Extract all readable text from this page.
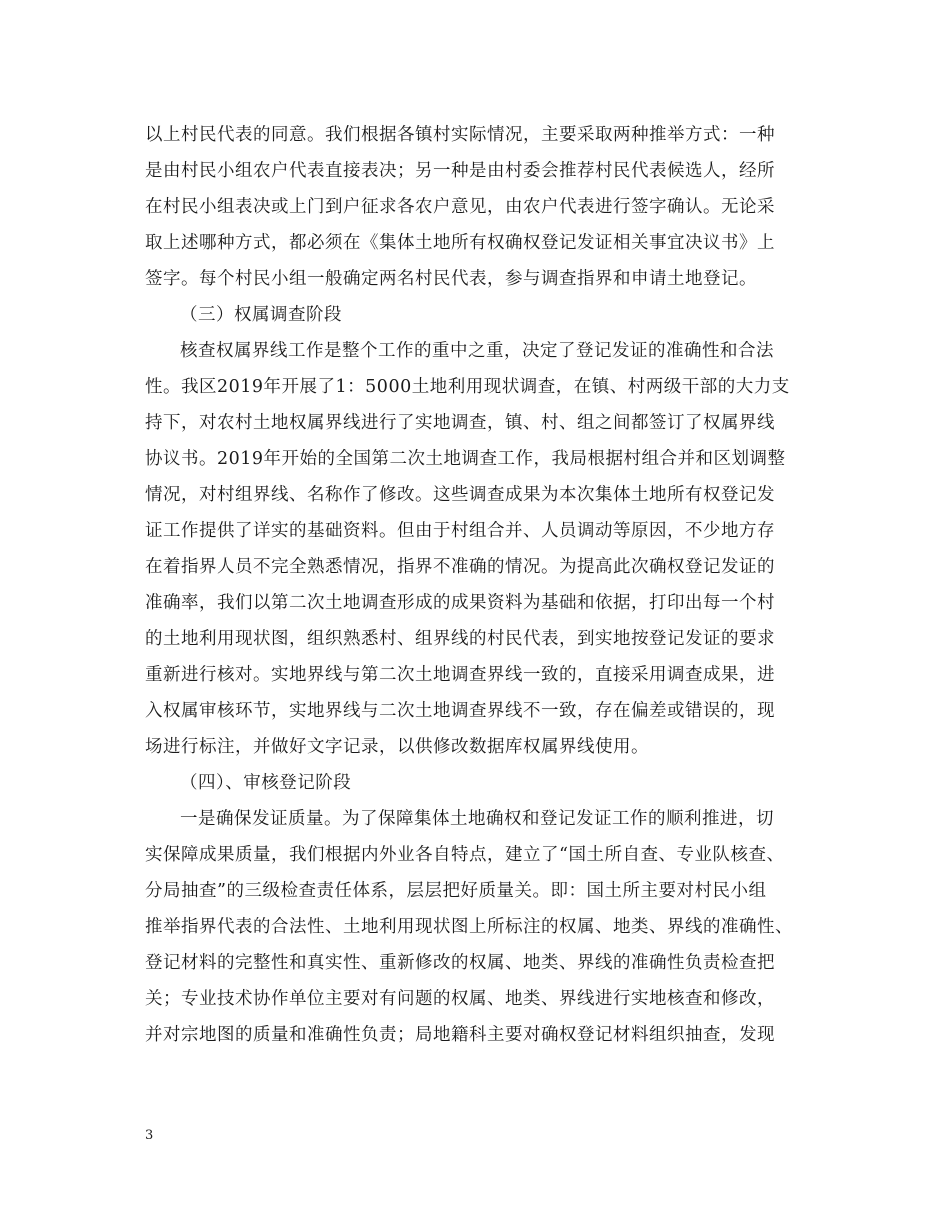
以上村民代表的同意。我们根据各镇村实际情况，主要采取两种推举方式：一种
是由村民小组农户代表直接表决；另一种是由村委会推荐村民代表候选人，经所
在村民小组表决或上门到户征求各农户意见，由农户代表进行签字确认。无论采
取上述哪种方式，都必须在《集体土地所有权确权登记发证相关事宜决议书》上
签字。每个村民小组一般确定两名村民代表，参与调查指界和申请土地登记。
（三）权属调查阶段
核查权属界线工作是整个工作的重中之重，决定了登记发证的准确性和合法
性。我区2019年开展了1：5000土地利用现状调查，在镇、村两级干部的大力支
持下，对农村土地权属界线进行了实地调查，镇、村、组之间都签订了权属界线
协议书。2019年开始的全国第二次土地调查工作，我局根据村组合并和区划调整
情况，对村组界线、名称作了修改。这些调查成果为本次集体土地所有权登记发
证工作提供了详实的基础资料。但由于村组合并、人员调动等原因，不少地方存
在着指界人员不完全熟悉情况，指界不准确的情况。为提高此次确权登记发证的
准确率，我们以第二次土地调查形成的成果资料为基础和依据，打印出每一个村
的土地利用现状图，组织熟悉村、组界线的村民代表，到实地按登记发证的要求
重新进行核对。实地界线与第二次土地调查界线一致的，直接采用调查成果，进
入权属审核环节，实地界线与二次土地调查界线不一致，存在偏差或错误的，现
场进行标注，并做好文字记录，以供修改数据库权属界线使用。
（四）、审核登记阶段
一是确保发证质量。为了保障集体土地确权和登记发证工作的顺利推进，切
实保障成果质量，我们根据内外业各自特点，建立了“国土所自查、专业队核查、
分局抽查”的三级检查责任体系，层层把好质量关。即：国土所主要对村民小组
推举指界代表的合法性、土地利用现状图上所标注的权属、地类、界线的准确性、
登记材料的完整性和真实性、重新修改的权属、地类、界线的准确性负责检查把
关；专业技术协作单位主要对有问题的权属、地类、界线进行实地核查和修改，
并对宗地图的质量和准确性负责；局地籍科主要对确权登记材料组织抽查，发现
3
